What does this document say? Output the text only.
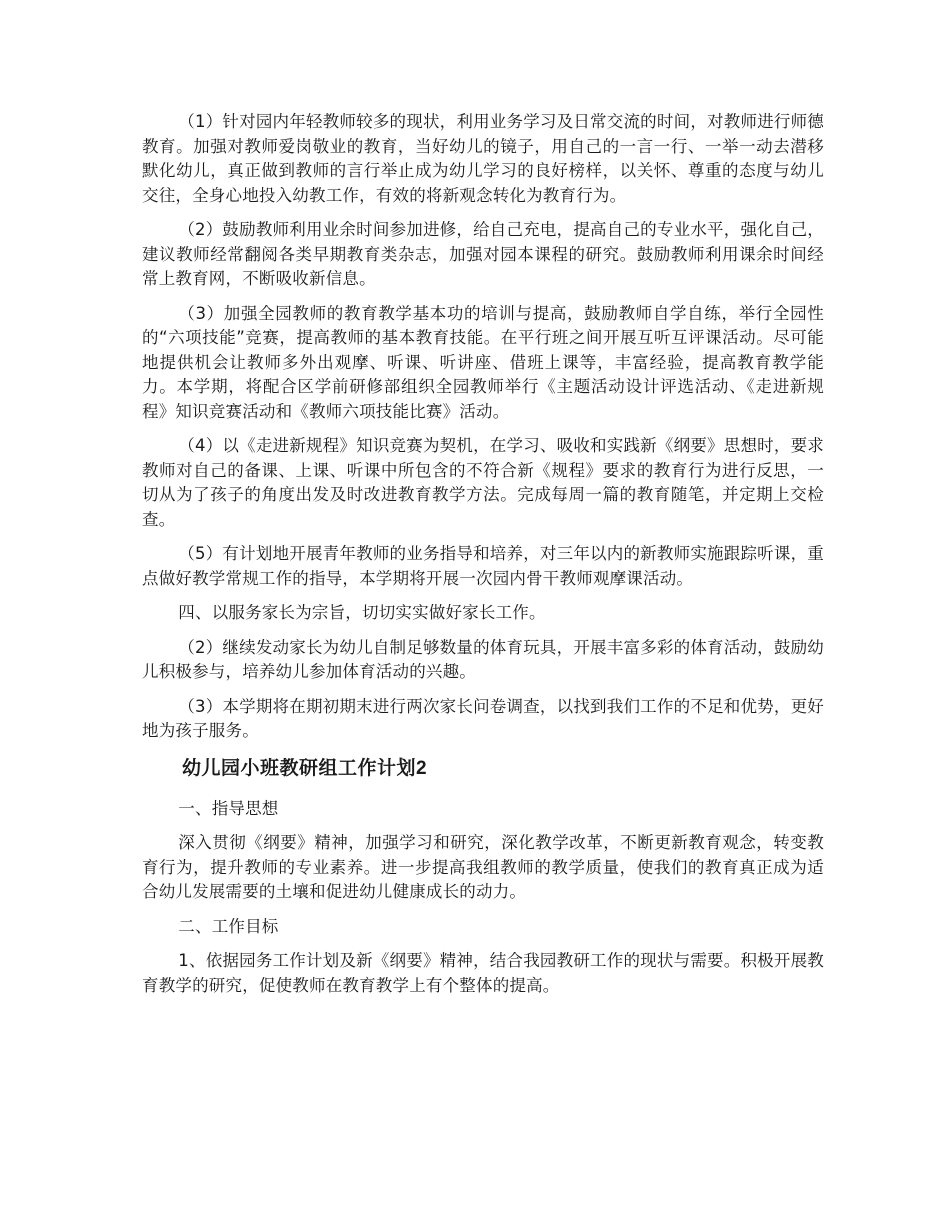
（1）针对园内年轻教师较多的现状，利用业务学习及日常交流的时间，对教师进行师德教育。加强对教师爱岗敬业的教育，当好幼儿的镜子，用自己的一言一行、一举一动去潜移默化幼儿，真正做到教师的言行举止成为幼儿学习的良好榜样，以关怀、尊重的态度与幼儿交往，全身心地投入幼教工作，有效的将新观念转化为教育行为。

（2）鼓励教师利用业余时间参加进修，给自己充电，提高自己的专业水平，强化自己，建议教师经常翻阅各类早期教育类杂志，加强对园本课程的研究。鼓励教师利用课余时间经常上教育网，不断吸收新信息。

（3）加强全园教师的教育教学基本功的培训与提高，鼓励教师自学自练，举行全园性的“六项技能”竞赛，提高教师的基本教育技能。在平行班之间开展互听互评课活动。尽可能地提供机会让教师多外出观摩、听课、听讲座、借班上课等，丰富经验，提高教育教学能力。本学期，将配合区学前研修部组织全园教师举行《主题活动设计评选活动、《走进新规程》知识竞赛活动和《教师六项技能比赛》活动。

（4）以《走进新规程》知识竞赛为契机，在学习、吸收和实践新《纲要》思想时，要求教师对自己的备课、上课、听课中所包含的不符合新《规程》要求的教育行为进行反思，一切从为了孩子的角度出发及时改进教育教学方法。完成每周一篇的教育随笔，并定期上交检查。

（5）有计划地开展青年教师的业务指导和培养，对三年以内的新教师实施跟踪听课，重点做好教学常规工作的指导，本学期将开展一次园内骨干教师观摩课活动。

四、以服务家长为宗旨，切切实实做好家长工作。

（2）继续发动家长为幼儿自制足够数量的体育玩具，开展丰富多彩的体育活动，鼓励幼儿积极参与，培养幼儿参加体育活动的兴趣。

（3）本学期将在期初期末进行两次家长问卷调查，以找到我们工作的不足和优势，更好地为孩子服务。

幼儿园小班教研组工作计划2

一、指导思想

深入贯彻《纲要》精神，加强学习和研究，深化教学改革，不断更新教育观念，转变教育行为，提升教师的专业素养。进一步提高我组教师的教学质量，使我们的教育真正成为适合幼儿发展需要的土壤和促进幼儿健康成长的动力。

二、工作目标

1、依据园务工作计划及新《纲要》精神，结合我园教研工作的现状与需要。积极开展教育教学的研究，促使教师在教育教学上有个整体的提高。
